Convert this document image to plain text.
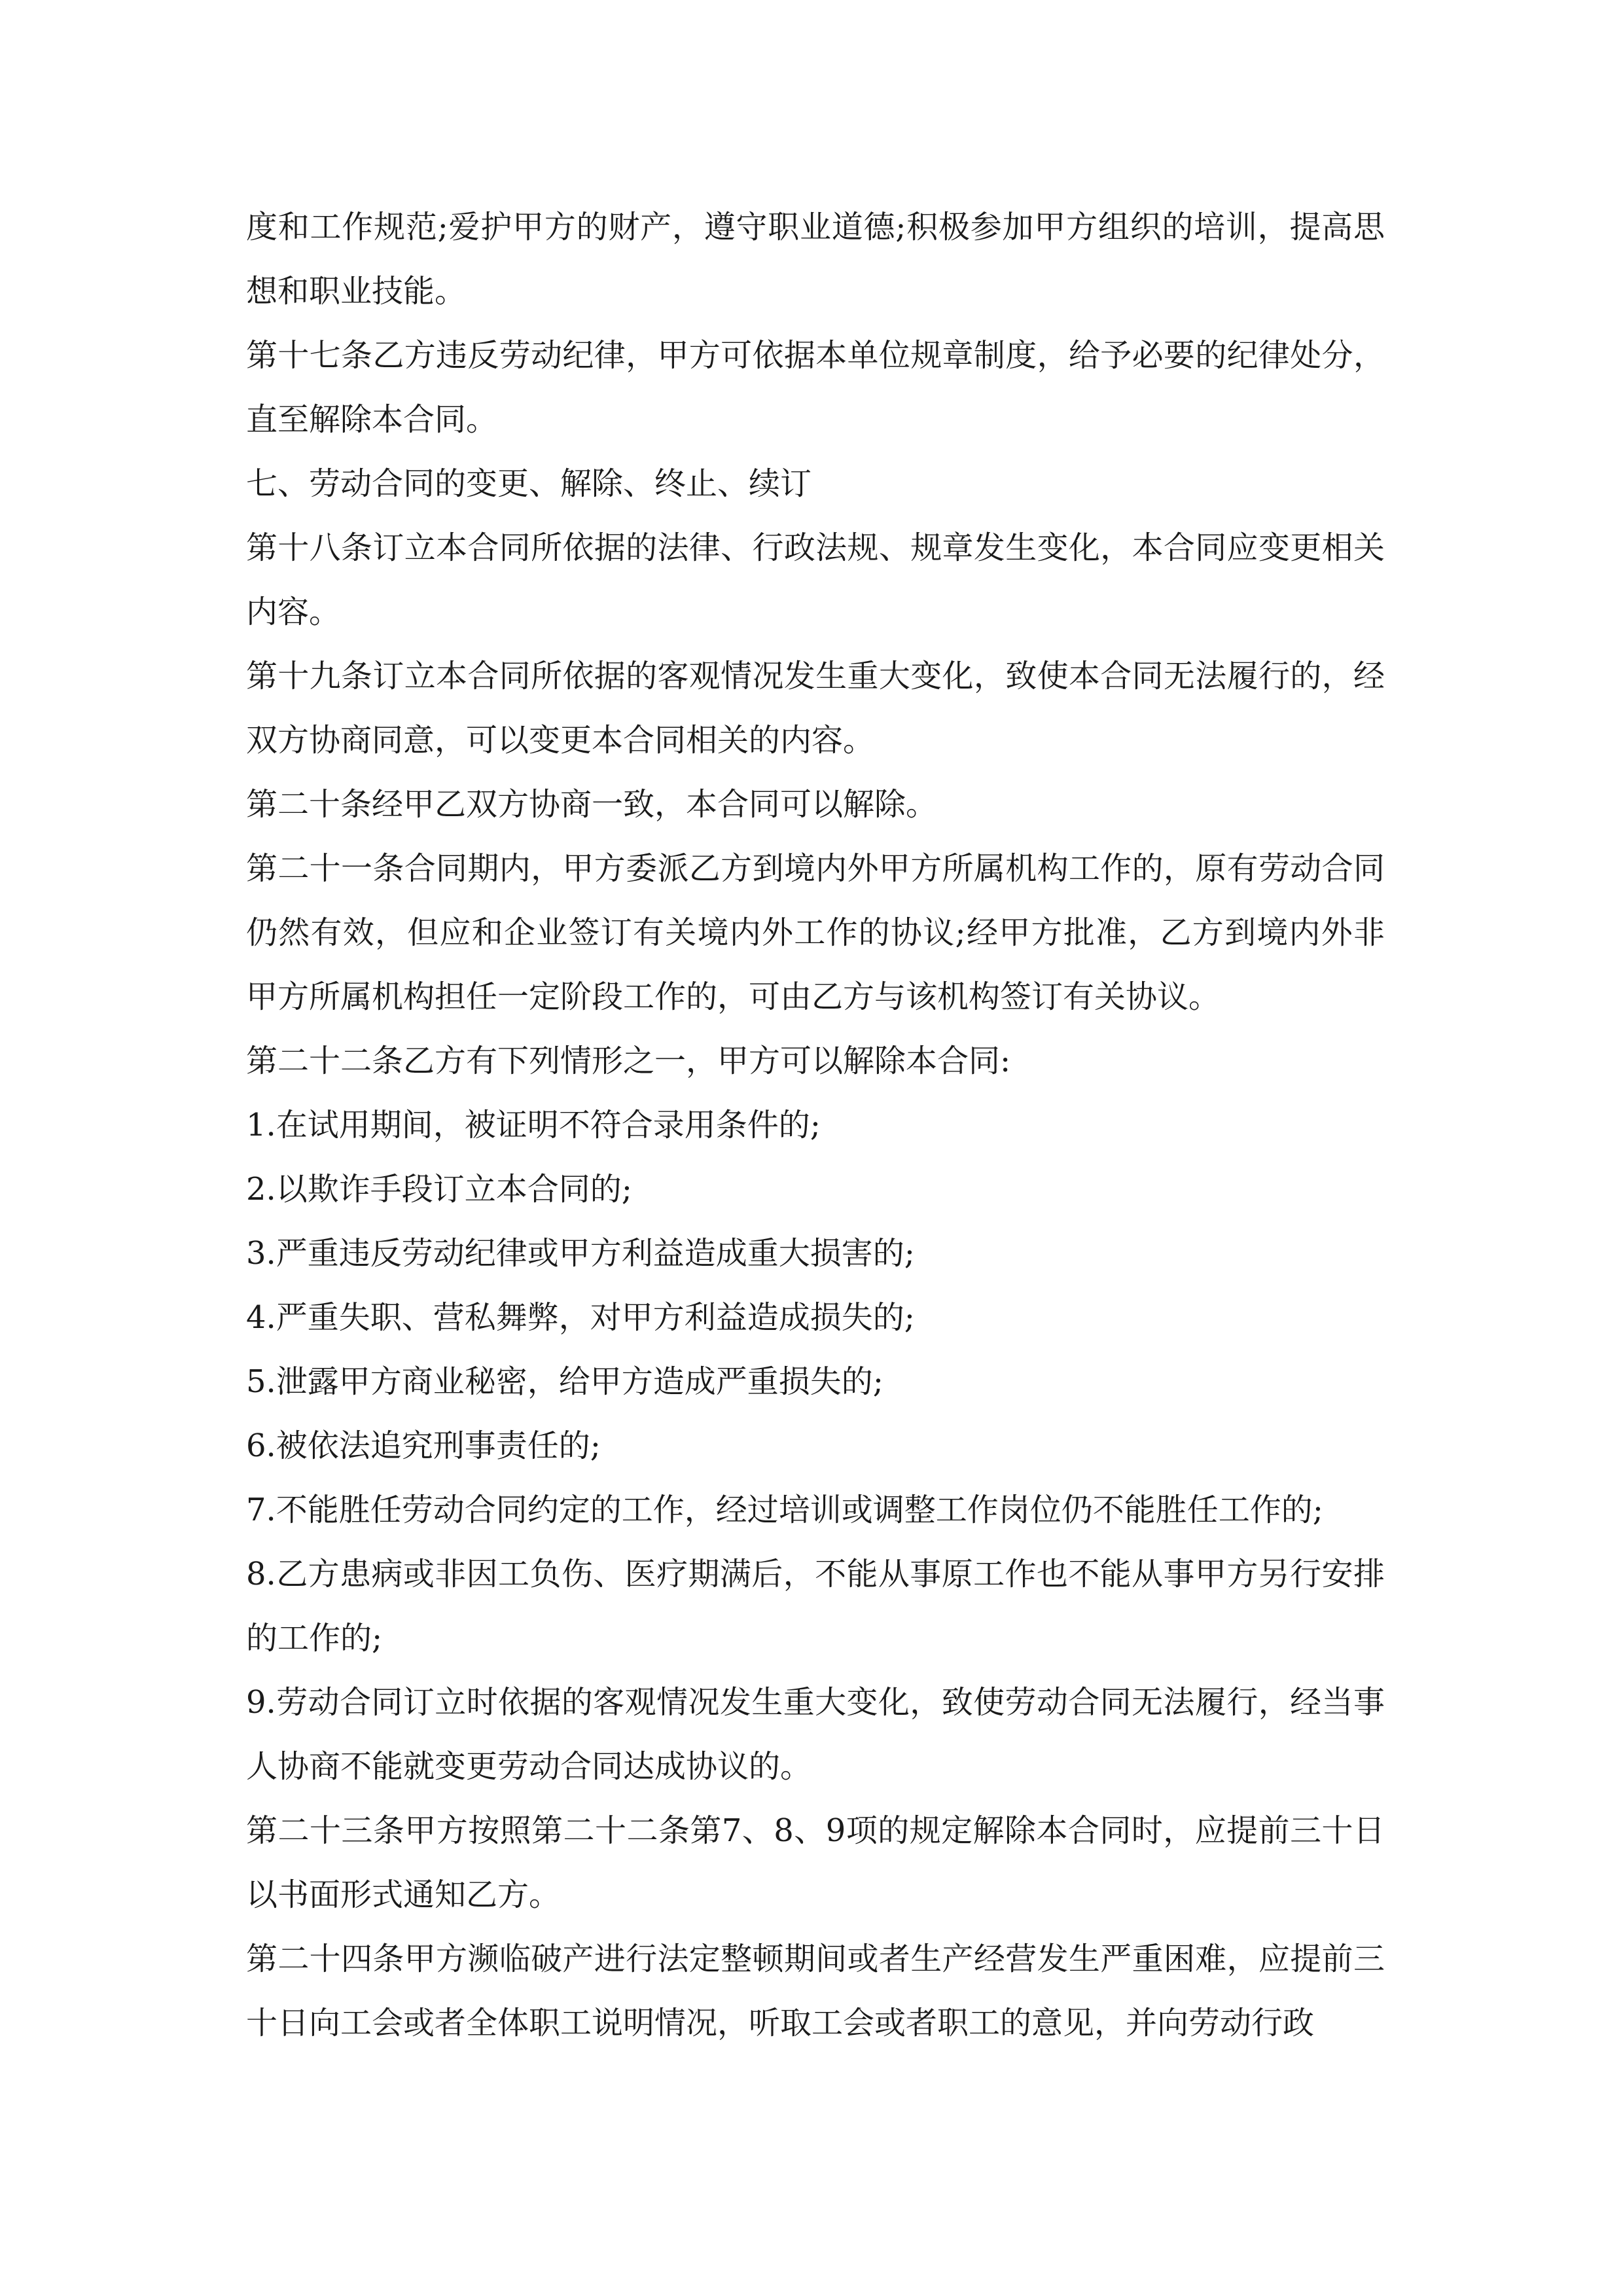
度和工作规范;爱护甲方的财产，遵守职业道德;积极参加甲方组织的培训，提高思想和职业技能。

第十七条乙方违反劳动纪律，甲方可依据本单位规章制度，给予必要的纪律处分，直至解除本合同。

七、劳动合同的变更、解除、终止、续订

第十八条订立本合同所依据的法律、行政法规、规章发生变化，本合同应变更相关内容。

第十九条订立本合同所依据的客观情况发生重大变化，致使本合同无法履行的，经双方协商同意，可以变更本合同相关的内容。

第二十条经甲乙双方协商一致，本合同可以解除。

第二十一条合同期内，甲方委派乙方到境内外甲方所属机构工作的，原有劳动合同仍然有效，但应和企业签订有关境内外工作的协议;经甲方批准，乙方到境内外非甲方所属机构担任一定阶段工作的，可由乙方与该机构签订有关协议。

第二十二条乙方有下列情形之一，甲方可以解除本合同:

1.在试用期间，被证明不符合录用条件的;

2.以欺诈手段订立本合同的;

3.严重违反劳动纪律或甲方利益造成重大损害的;

4.严重失职、营私舞弊，对甲方利益造成损失的;

5.泄露甲方商业秘密，给甲方造成严重损失的;

6.被依法追究刑事责任的;

7.不能胜任劳动合同约定的工作，经过培训或调整工作岗位仍不能胜任工作的;

8.乙方患病或非因工负伤、医疗期满后，不能从事原工作也不能从事甲方另行安排的工作的;

9.劳动合同订立时依据的客观情况发生重大变化，致使劳动合同无法履行，经当事人协商不能就变更劳动合同达成协议的。

第二十三条甲方按照第二十二条第7、8、9项的规定解除本合同时，应提前三十日以书面形式通知乙方。

第二十四条甲方濒临破产进行法定整顿期间或者生产经营发生严重困难，应提前三十日向工会或者全体职工说明情况，听取工会或者职工的意见，并向劳动行政
